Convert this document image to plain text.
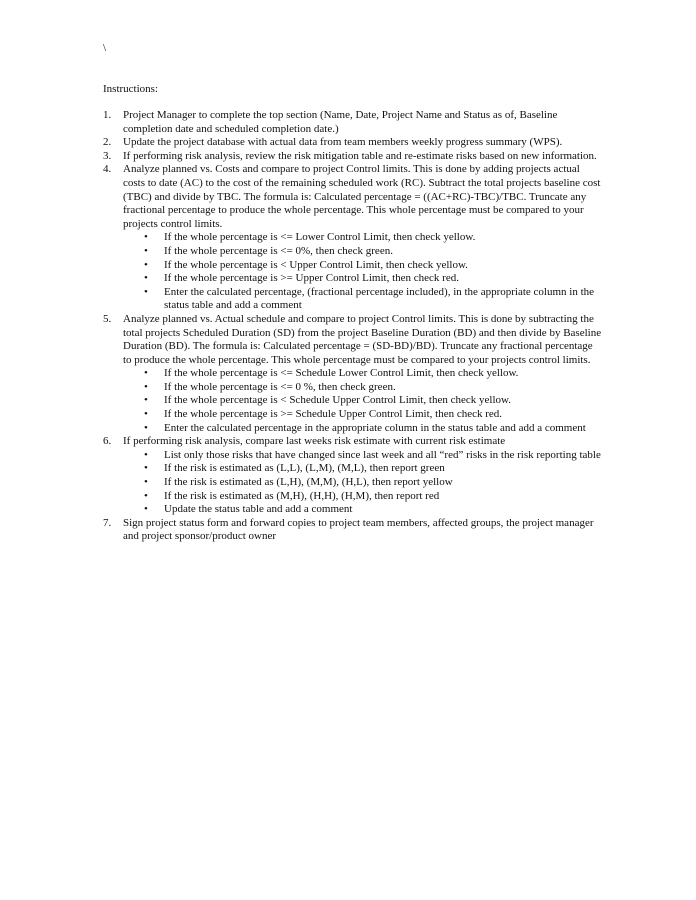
\
Instructions:
1. Project Manager to complete the top section (Name, Date, Project Name and Status as of, Baseline completion date and scheduled completion date.)
2. Update the project database with actual data from team members weekly progress summary (WPS).
3. If performing risk analysis, review the risk mitigation table and re-estimate risks based on new information.
4. Analyze planned vs. Costs and compare to project Control limits. This is done by adding projects actual costs to date (AC) to the cost of the remaining scheduled work (RC). Subtract the total projects baseline cost (TBC) and divide by TBC. The formula is: Calculated percentage = ((AC+RC)-TBC)/TBC. Truncate any fractional percentage to produce the whole percentage. This whole percentage must be compared to your projects control limits.
• If the whole percentage is <= Lower Control Limit, then check yellow.
• If the whole percentage is <= 0%, then check green.
• If the whole percentage is < Upper Control Limit, then check yellow.
• If the whole percentage is >= Upper Control Limit, then check red.
• Enter the calculated percentage, (fractional percentage included), in the appropriate column in the status table and add a comment
5. Analyze planned vs. Actual schedule and compare to project Control limits. This is done by subtracting the total projects Scheduled Duration (SD) from the project Baseline Duration (BD) and then divide by Baseline Duration (BD). The formula is: Calculated percentage = (SD-BD)/BD). Truncate any fractional percentage to produce the whole percentage. This whole percentage must be compared to your projects control limits.
• If the whole percentage is <= Schedule Lower Control Limit, then check yellow.
• If the whole percentage is <= 0 %, then check green.
• If the whole percentage is < Schedule Upper Control Limit, then check yellow.
• If the whole percentage is >= Schedule Upper Control Limit, then check red.
• Enter the calculated percentage in the appropriate column in the status table and add a comment
6. If performing risk analysis, compare last weeks risk estimate with current risk estimate
• List only those risks that have changed since last week and all “red” risks in the risk reporting table
• If the risk is estimated as (L,L), (L,M), (M,L), then report green
• If the risk is estimated as (L,H), (M,M), (H,L), then report yellow
• If the risk is estimated as (M,H), (H,H), (H,M), then report red
• Update the status table and add a comment
7. Sign project status form and forward copies to project team members, affected groups, the project manager and project sponsor/product owner
